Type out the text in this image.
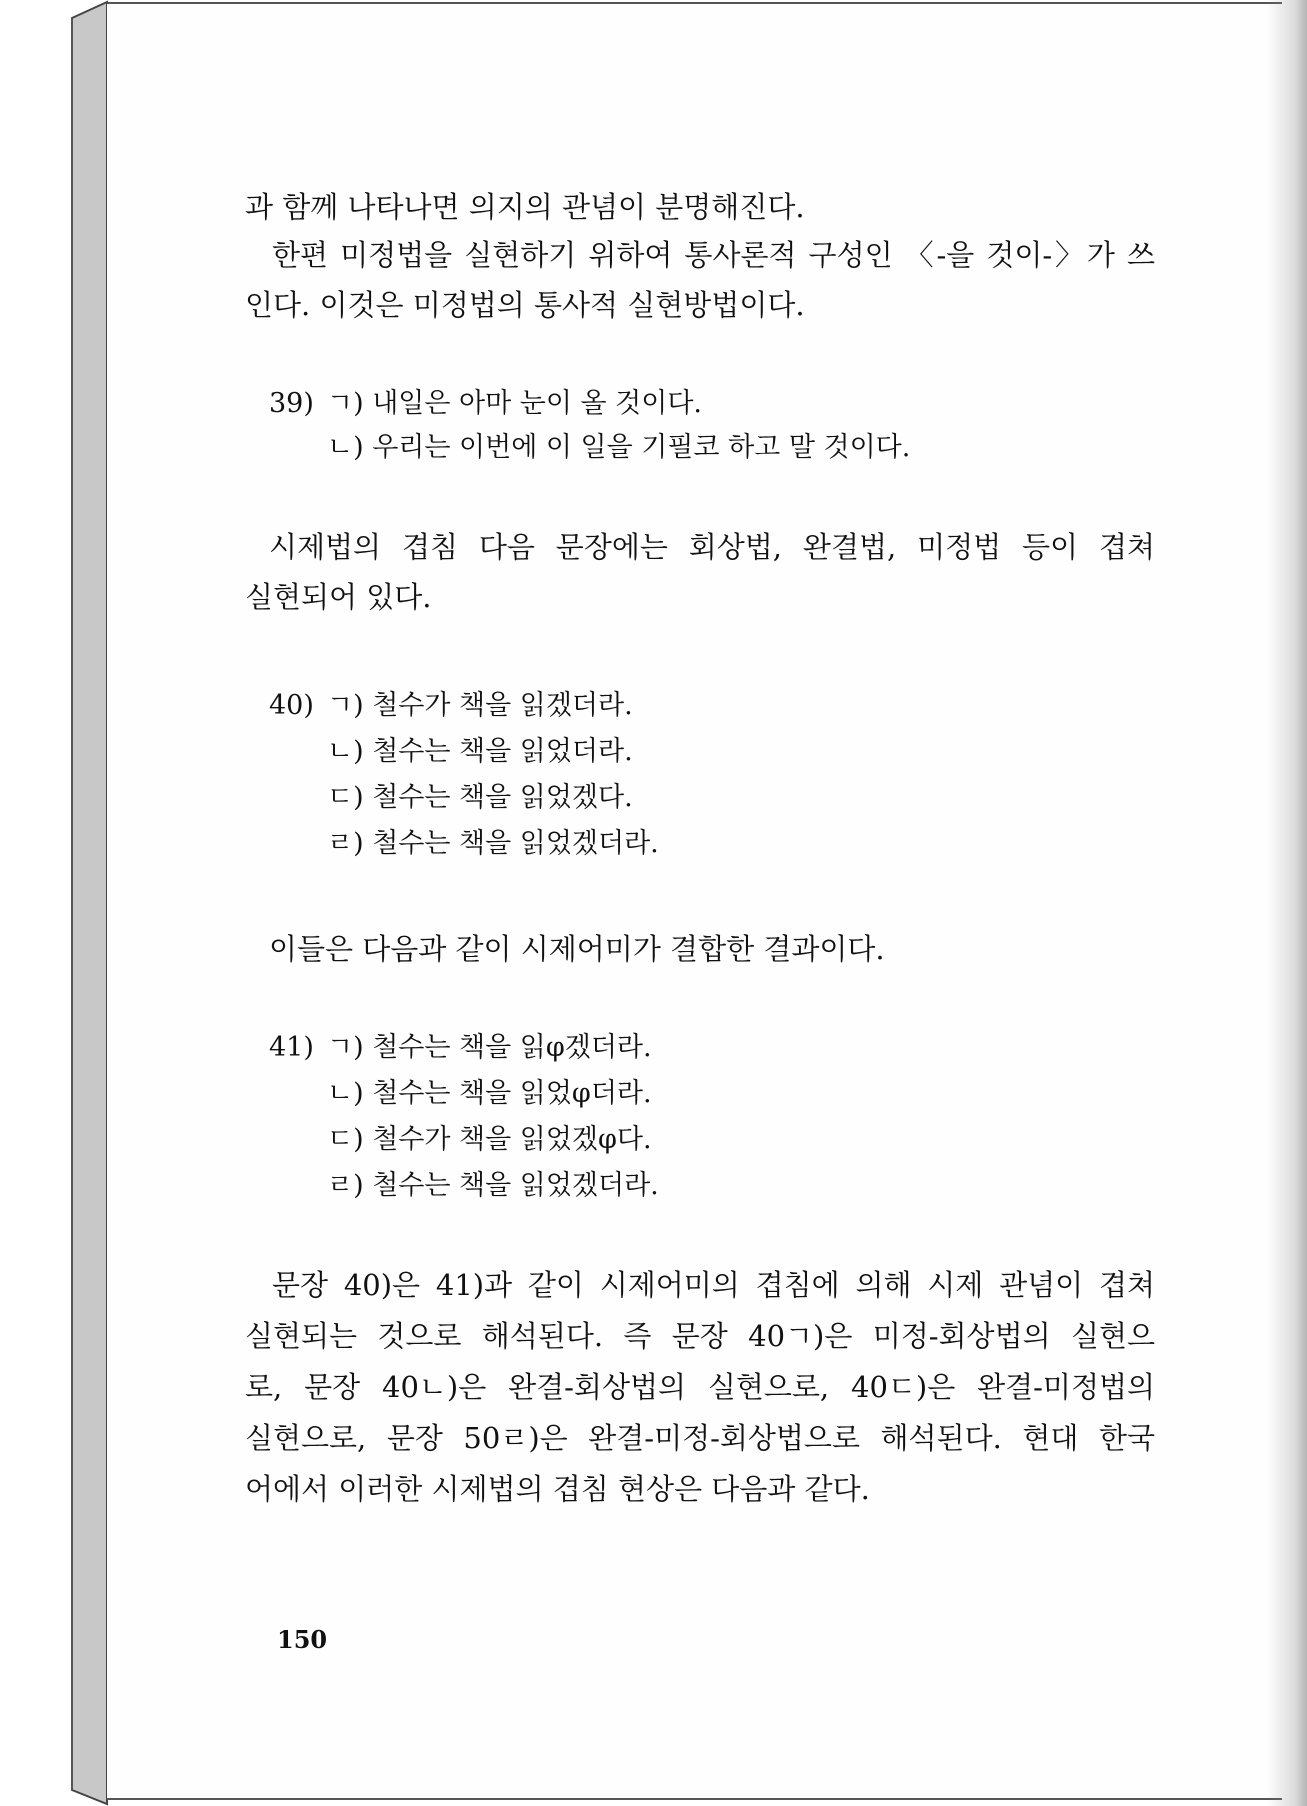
과 함께 나타나면 의지의 관념이 분명해진다.
한편 미정법을 실현하기 위하여 통사론적 구성인 〈-을 것이-〉가 쓰
인다. 이것은 미정법의 통사적 실현방법이다.
39) ㄱ) 내일은 아마 눈이 올 것이다.
ㄴ) 우리는 이번에 이 일을 기필코 하고 말 것이다.
시제법의 겹침 다음 문장에는 회상법, 완결법, 미정법 등이 겹쳐
실현되어 있다.
40) ㄱ) 철수가 책을 읽겠더라.
ㄴ) 철수는 책을 읽었더라.
ㄷ) 철수는 책을 읽었겠다.
ㄹ) 철수는 책을 읽었겠더라.
이들은 다음과 같이 시제어미가 결합한 결과이다.
41) ㄱ) 철수는 책을 읽φ겠더라.
ㄴ) 철수는 책을 읽었φ더라.
ㄷ) 철수가 책을 읽었겠φ다.
ㄹ) 철수는 책을 읽었겠더라.
문장 40)은 41)과 같이 시제어미의 겹침에 의해 시제 관념이 겹쳐
실현되는 것으로 해석된다. 즉 문장 40ㄱ)은 미정-회상법의 실현으
로, 문장 40ㄴ)은 완결-회상법의 실현으로, 40ㄷ)은 완결-미정법의
실현으로, 문장 50ㄹ)은 완결-미정-회상법으로 해석된다. 현대 한국
어에서 이러한 시제법의 겹침 현상은 다음과 같다.
150
